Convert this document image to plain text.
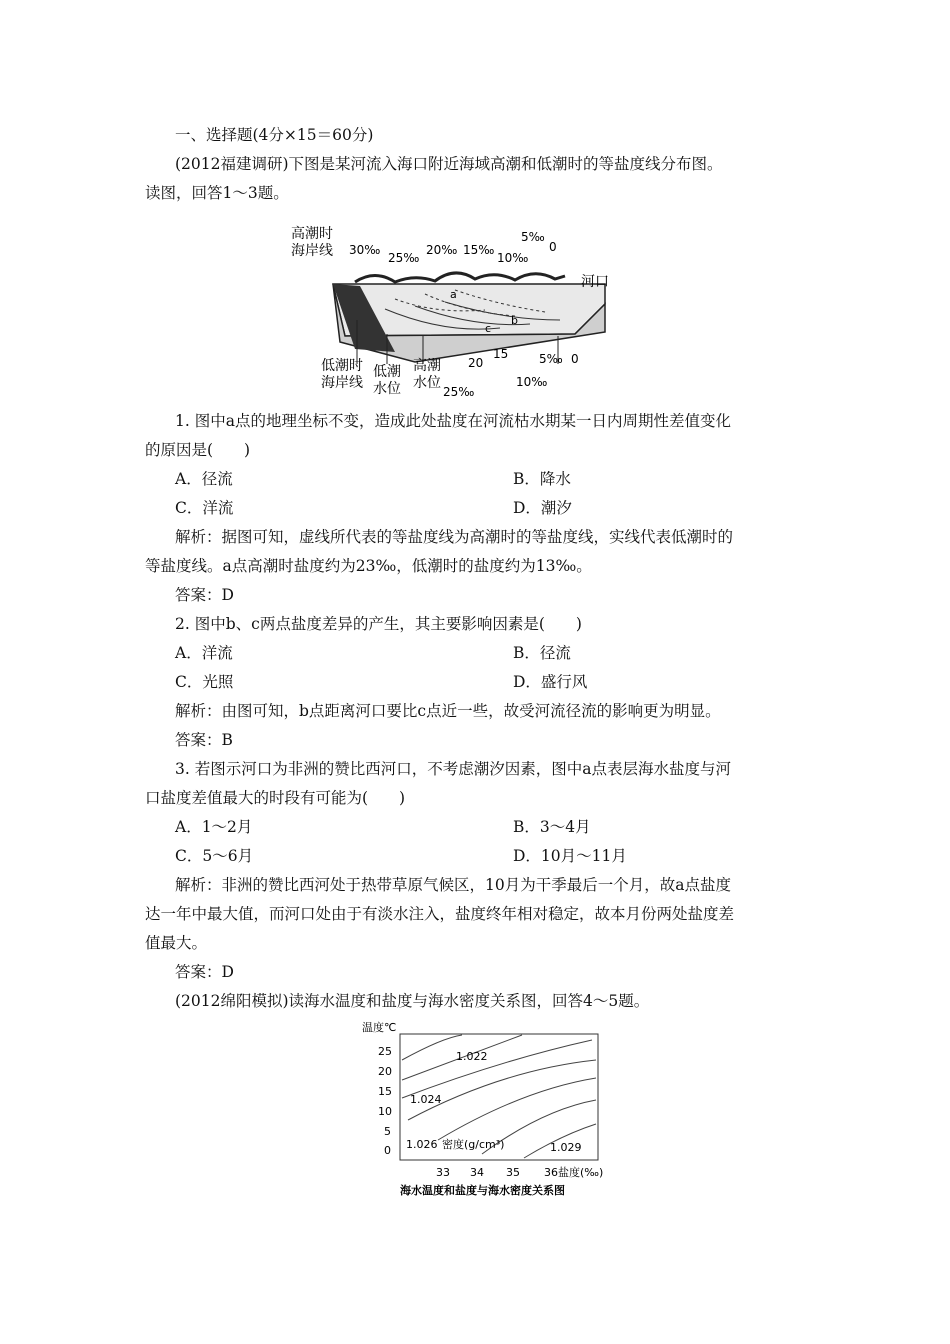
一、选择题(4分×15＝60分)
(2012福建调研)下图是某河流入海口附近海域高潮和低潮时的等盐度线分布图。
读图，回答1～3题。
a
b
c
高潮时
海岸线 30‰
25‰
20‰ 15‰
10‰
5‰
0
河口
低潮时
海岸线
低潮
水位
高潮
水位
20
15	5‰ 0
25‰
10‰
1. 图中a点的地理坐标不变，造成此处盐度在河流枯水期某一日内周期性差值变化
的原因是(　　)
A．径流	B．降水
C．洋流	D．潮汐
解析：据图可知，虚线所代表的等盐度线为高潮时的等盐度线，实线代表低潮时的
等盐度线。a点高潮时盐度约为23‰，低潮时的盐度约为13‰。
答案：D
2. 图中b、c两点盐度差异的产生，其主要影响因素是(　　)
A．洋流	B．径流
C．光照	D．盛行风
解析：由图可知，b点距离河口要比c点近一些，故受河流径流的影响更为明显。
答案：B
3. 若图示河口为非洲的赞比西河口，不考虑潮汐因素，图中a点表层海水盐度与河
口盐度差值最大的时段有可能为(　　)
A．1～2月	B．3～4月
C．5～6月	D．10月～11月
解析：非洲的赞比西河处于热带草原气候区，10月为干季最后一个月，故a点盐度
达一年中最大值，而河口处由于有淡水注入，盐度终年相对稳定，故本月份两处盐度差
值最大。
答案：D
(2012绵阳模拟)读海水温度和盐度与海水密度关系图，回答4～5题。
温度℃
25
20
15
10
5
0
1.022
1.024
1.026 密度(g/cm³)	1.029
33 34 35 36 盐度(‰)
海水温度和盐度与海水密度关系图
